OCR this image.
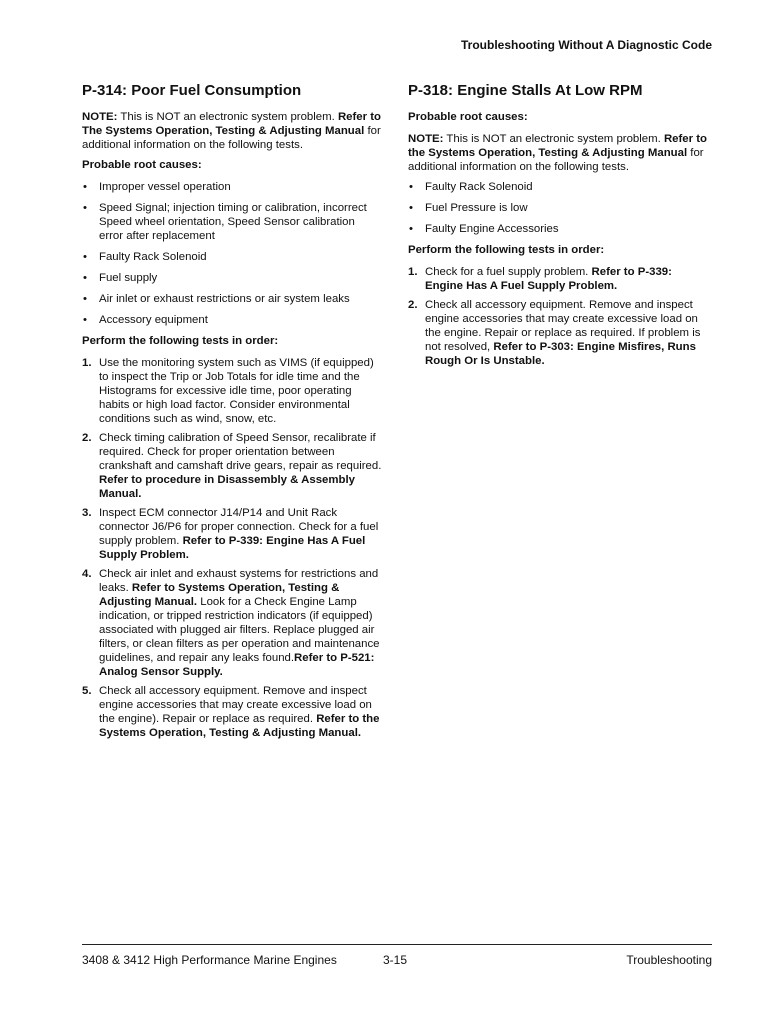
Troubleshooting Without A Diagnostic Code
P-314: Poor Fuel Consumption

NOTE: This is NOT an electronic system problem. Refer to The Systems Operation, Testing & Adjusting Manual for additional information on the following tests.

Probable root causes:
• Improper vessel operation
• Speed Signal; injection timing or calibration, incorrect Speed wheel orientation, Speed Sensor calibration error after replacement
• Faulty Rack Solenoid
• Fuel supply
• Air inlet or exhaust restrictions or air system leaks
• Accessory equipment
Perform the following tests in order:
1. Use the monitoring system such as VIMS (if equipped) to inspect the Trip or Job Totals for idle time and the Histograms for excessive idle time, poor operating habits or high load factor. Consider environmental conditions such as wind, snow, etc.
2. Check timing calibration of Speed Sensor, recalibrate if required. Check for proper orientation between crankshaft and camshaft drive gears, repair as required. Refer to procedure in Disassembly & Assembly Manual.
3. Inspect ECM connector J14/P14 and Unit Rack connector J6/P6 for proper connection. Check for a fuel supply problem. Refer to P-339: Engine Has A Fuel Supply Problem.
4. Check air inlet and exhaust systems for restrictions and leaks. Refer to Systems Operation, Testing & Adjusting Manual. Look for a Check Engine Lamp indication, or tripped restriction indicators (if equipped) associated with plugged air filters. Replace plugged air filters, or clean filters as per operation and maintenance guidelines, and repair any leaks found.Refer to P-521: Analog Sensor Supply.
5. Check all accessory equipment. Remove and inspect engine accessories that may create excessive load on the engine). Repair or replace as required. Refer to the Systems Operation, Testing & Adjusting Manual.
P-318: Engine Stalls At Low RPM
Probable root causes:

NOTE: This is NOT an electronic system problem. Refer to the Systems Operation, Testing & Adjusting Manual for additional information on the following tests.

• Faulty Rack Solenoid
• Fuel Pressure is low
• Faulty Engine Accessories
Perform the following tests in order:
1. Check for a fuel supply problem. Refer to P-339: Engine Has A Fuel Supply Problem.
2. Check all accessory equipment. Remove and inspect engine accessories that may create excessive load on the engine. Repair or replace as required. If problem is not resolved, Refer to P-303: Engine Misfires, Runs Rough Or Is Unstable.
3408 & 3412 High Performance Marine Engines	3-15	Troubleshooting
